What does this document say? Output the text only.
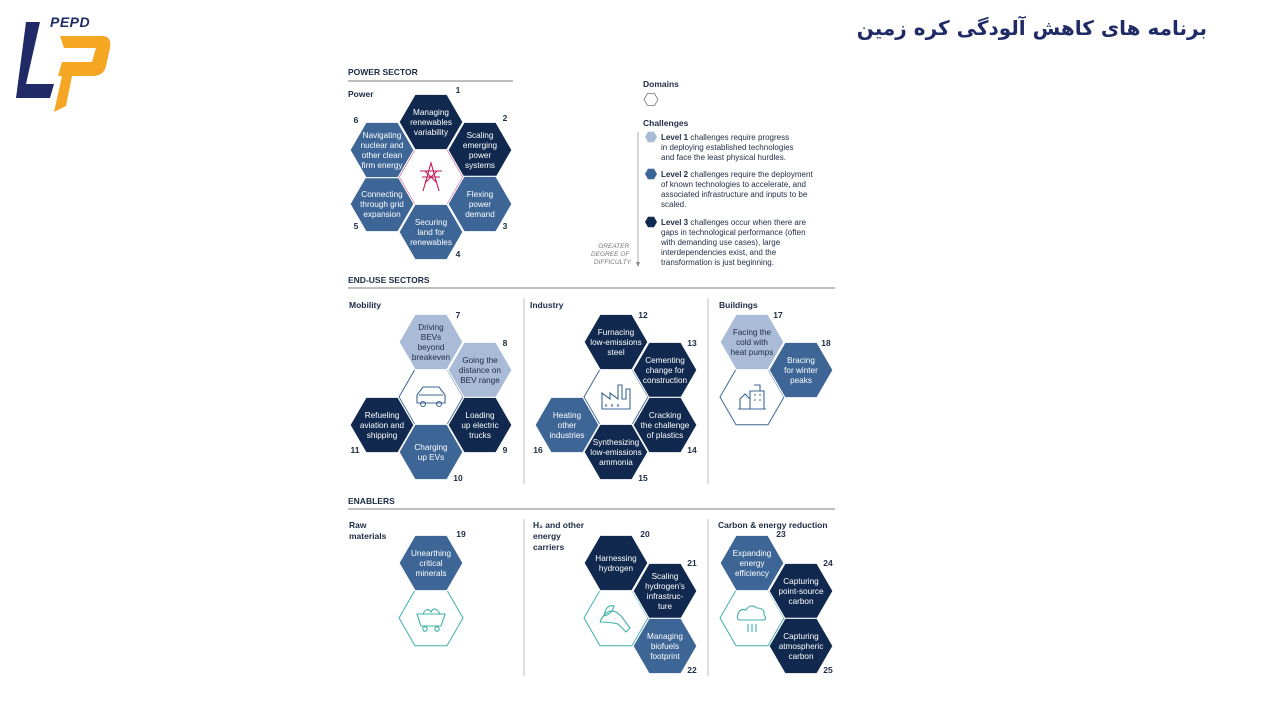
PEPD	برنامه های کاهش آلودگی کره زمین
POWER SECTOR
END-USE SECTORS
ENABLERS
Power
Mobility	Industry	Buildings
Raw materials
H₂ and other energy carriers
Carbon & energy reduction
Domains
Challenges
Level 1 challenges require progress in deploying established technologies and face the least physical hurdles.
Level 2 challenges require the deployment of known technologies to accelerate, and associated infrastructure and inputs to be scaled.
Level 3 challenges occur when there are gaps in technological performance (often with demanding use cases), large interdependencies exist, and the transformation is just beginning.
GREATER DEGREE OF DIFFICULTY
Managing renewables variability
1
Scaling emerging power systems
2
Flexing power demand
3
Securing land for renewables
4
Connecting through grid expansion
5
Navigating nuclear and other clean firm energy
6
Driving BEVs beyond breakeven
7
Going the distance on BEV range
8
Loading up electric trucks
9
Charging up EVs
10
Refueling aviation and shipping
11
Furnacing low-emissions steel
12
Cementing change for construction
13
Cracking the challenge of plastics
14
Synthesizing low-emissions ammonia
15
Heating other industries
16
Facing the cold with heat pumps
17
Bracing for winter peaks
18
Unearthing critical minerals
19
Harnessing hydrogen
20
Scaling hydrogen's infrastruc-ture
21
Managing biofuels footprint
22
Expanding energy efficiency
23
Capturing point-source carbon
24
Capturing atmospheric carbon
25
